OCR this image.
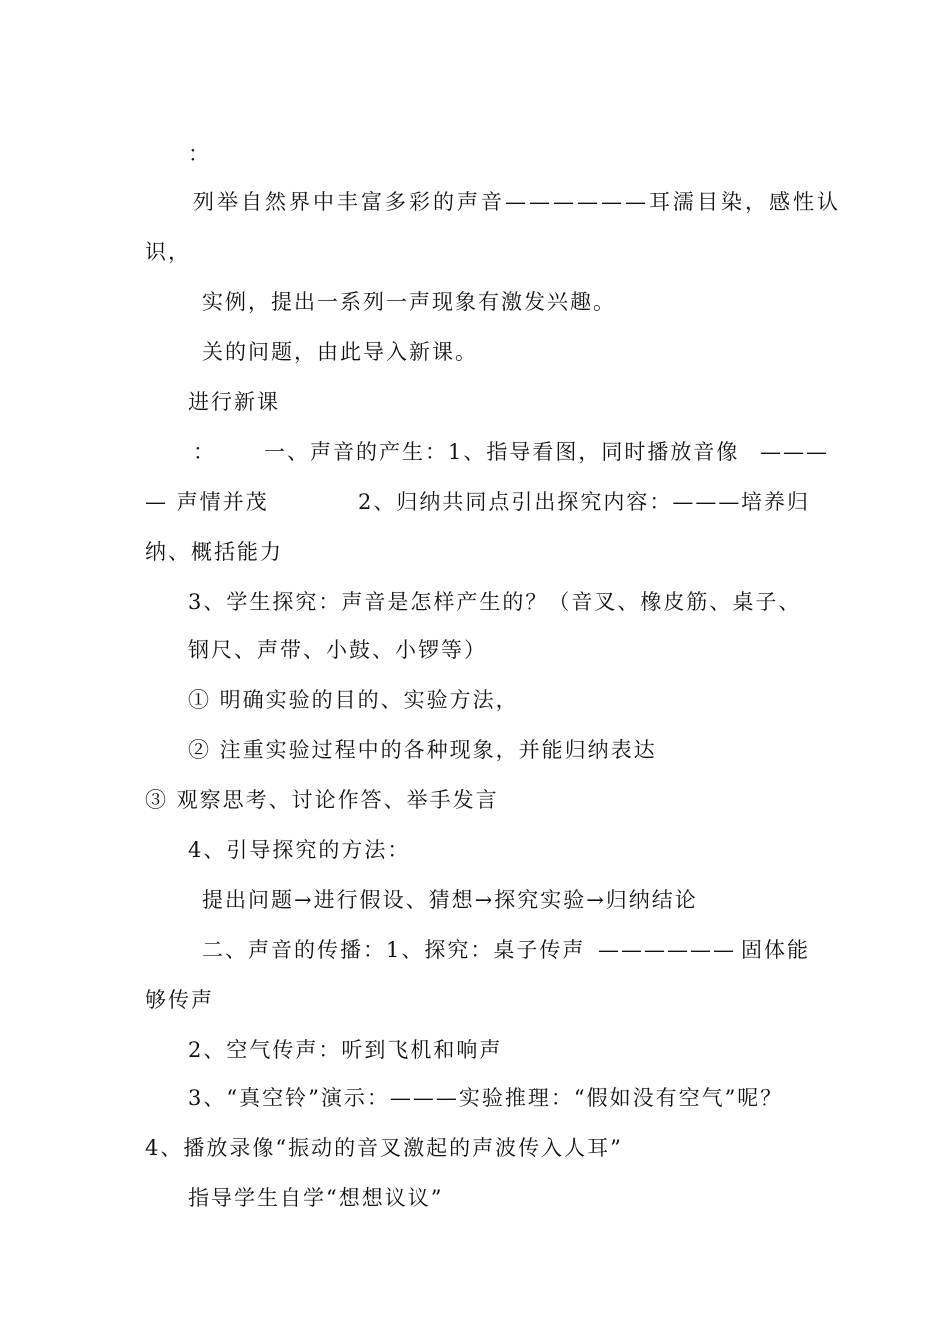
：
列举自然界中丰富多彩的声音——————耳濡目染，感性认
识，
实例，提出一系列一声现象有激发兴趣。
关的问题，由此导入新课。
进行新课
： 一、声音的产生：1、指导看图，同时播放音像 ———
— 声情并茂	2、归纳共同点引出探究内容：——— 培养归
纳、概括能力
3、学生探究：声音是怎样产生的？（音叉、橡皮筋、桌子、
钢尺、声带、小鼓、小锣等）
① 明确实验的目的、实验方法，
② 注重实验过程中的各种现象，并能归纳表达
③ 观察思考、讨论作答、举手发言
4、引导探究的方法：
提出问题→进行假设、猜想→探究实验→归纳结论
二、声音的传播：1、探究：桌子传声 —————— 固体能
够传声
2、空气传声：听到飞机和响声
3、“真空铃”演示：———实验推理：“假如没有空气”呢？
4、播放录像“振动的音叉激起的声波传入人耳”
指导学生自学“想想议议”
